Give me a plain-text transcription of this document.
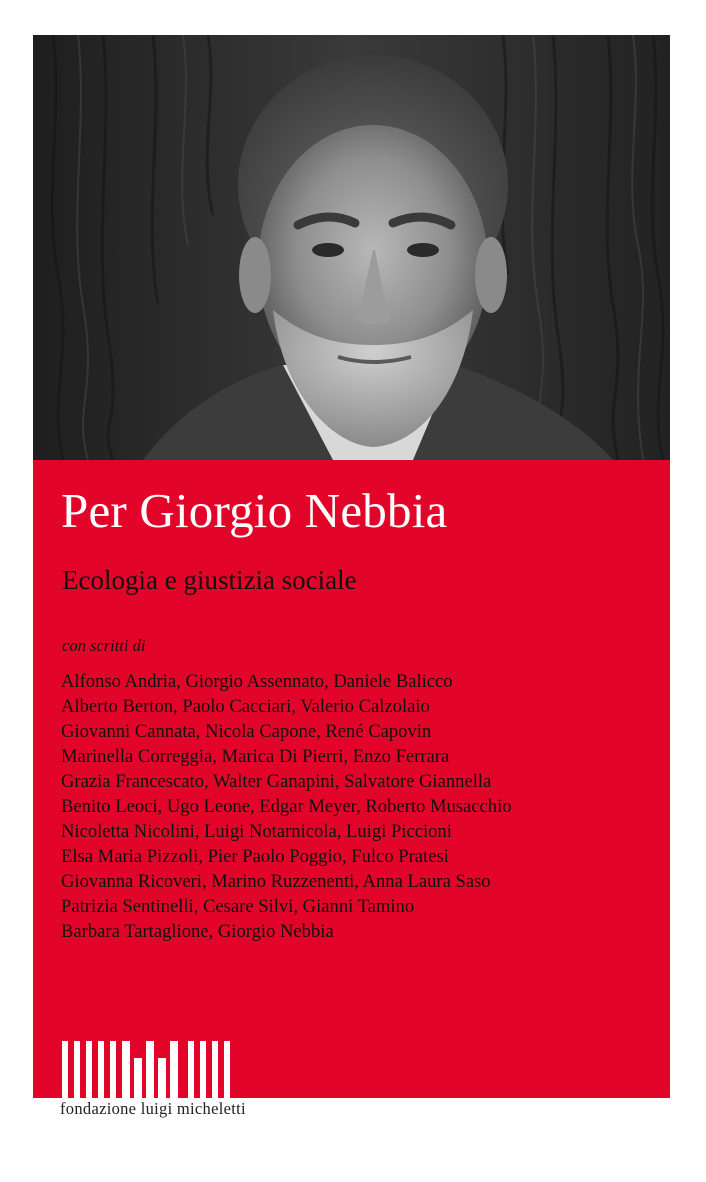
Per Giorgio Nebbia
Ecologia e giustizia sociale

con scritti di

Alfonso Andria, Giorgio Assennato, Daniele Balicco
Alberto Berton, Paolo Cacciari, Valerio Calzolaio
Giovanni Cannata, Nicola Capone, René Capovin
Marinella Correggia, Marica Di Pierri, Enzo Ferrara
Grazia Francescato, Walter Ganapini, Salvatore Giannella
Benito Leoci, Ugo Leone, Edgar Meyer, Roberto Musacchio
Nicoletta Nicolini, Luigi Notarnicola, Luigi Piccioni
Elsa Maria Pizzoli, Pier Paolo Poggio, Fulco Pratesi
Giovanna Ricoveri, Marino Ruzzenenti, Anna Laura Saso
Patrizia Sentinelli, Cesare Silvi, Gianni Tamino
Barbara Tartaglione, Giorgio Nebbia

fondazione luigi micheletti
